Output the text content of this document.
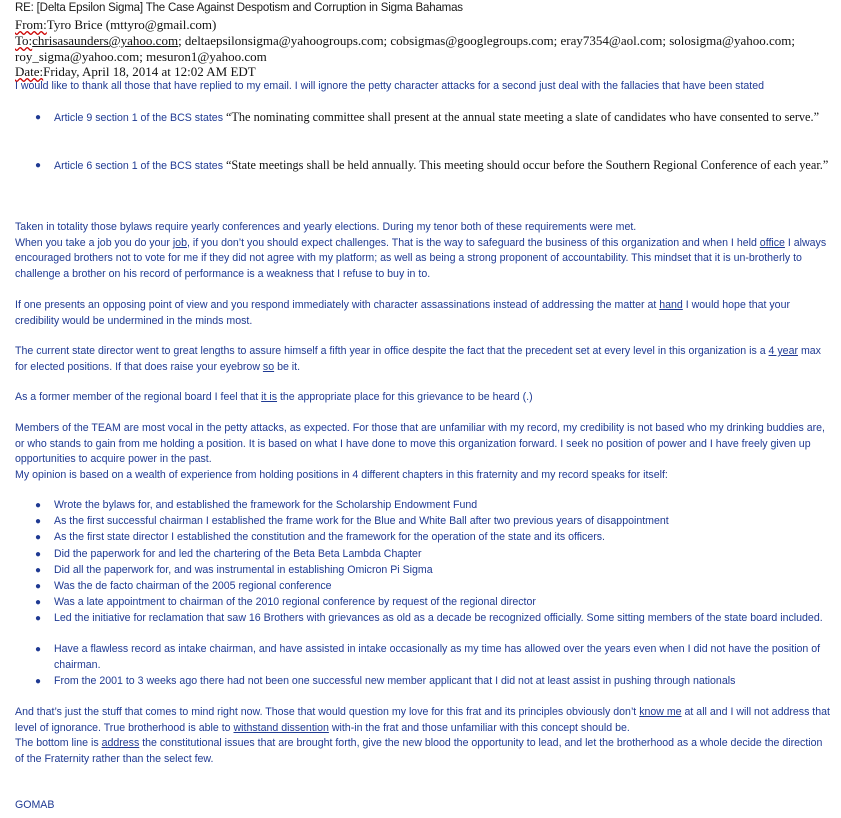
RE: [Delta Epsilon Sigma] The Case Against Despotism and Corruption in Sigma Bahamas
From:Tyro Brice (mttyro@gmail.com)
To:chrisasaunders@yahoo.com; deltaepsilonsigma@yahoogroups.com; cobsigmas@googlegroups.com; eray7354@aol.com; solosigma@yahoo.com;
roy_sigma@yahoo.com; mesuron1@yahoo.com
Date:Friday, April 18, 2014 at 12:02 AM EDT
I would like to thank all those that have replied to my email. I will ignore the petty character attacks for a second just deal with the fallacies that have been stated
● Article 9 section 1 of the BCS states “The nominating committee shall present at the annual state meeting a slate of candidates who have consented to serve.”
● Article 6 section 1 of the BCS states “State meetings shall be held annually. This meeting should occur before the Southern Regional Conference of each year.”
Taken in totality those bylaws require yearly conferences and yearly elections. During my tenor both of these requirements were met.
When you take a job you do your job, if you don’t you should expect challenges. That is the way to safeguard the business of this organization and when I held office I always encouraged brothers not to vote for me if they did not agree with my platform; as well as being a strong proponent of accountability. This mindset that it is un-brotherly to challenge a brother on his record of performance is a weakness that I refuse to buy in to.
If one presents an opposing point of view and you respond immediately with character assassinations instead of addressing the matter at hand I would hope that your credibility would be undermined in the minds most.
The current state director went to great lengths to assure himself a fifth year in office despite the fact that the precedent set at every level in this organization is a 4 year max for elected positions. If that does raise your eyebrow so be it.
As a former member of the regional board I feel that it is the appropriate place for this grievance to be heard (.)
Members of the TEAM are most vocal in the petty attacks, as expected. For those that are unfamiliar with my record, my credibility is not based who my drinking buddies are, or who stands to gain from me holding a position. It is based on what I have done to move this organization forward. I seek no position of power and I have freely given up opportunities to acquire power in the past.
My opinion is based on a wealth of experience from holding positions in 4 different chapters in this fraternity and my record speaks for itself:
● Wrote the bylaws for, and established the framework for the Scholarship Endowment Fund
● As the first successful chairman I established the frame work for the Blue and White Ball after two previous years of disappointment
● As the first state director I established the constitution and the framework for the operation of the state and its officers.
● Did the paperwork for and led the chartering of the Beta Beta Lambda Chapter
● Did all the paperwork for, and was instrumental in establishing Omicron Pi Sigma
● Was the de facto chairman of the 2005 regional conference
● Was a late appointment to chairman of the 2010 regional conference by request of the regional director
● Led the initiative for reclamation that saw 16 Brothers with grievances as old as a decade be recognized officially. Some sitting members of the state board included.
● Have a flawless record as intake chairman, and have assisted in intake occasionally as my time has allowed over the years even when I did not have the position of chairman.
● From the 2001 to 3 weeks ago there had not been one successful new member applicant that I did not at least assist in pushing through nationals
And that’s just the stuff that comes to mind right now. Those that would question my love for this frat and its principles obviously don’t know me at all and I will not address that level of ignorance. True brotherhood is able to withstand dissention with-in the frat and those unfamiliar with this concept should be.
The bottom line is address the constitutional issues that are brought forth, give the new blood the opportunity to lead, and let the brotherhood as a whole decide the direction of the Fraternity rather than the select few.
GOMAB
